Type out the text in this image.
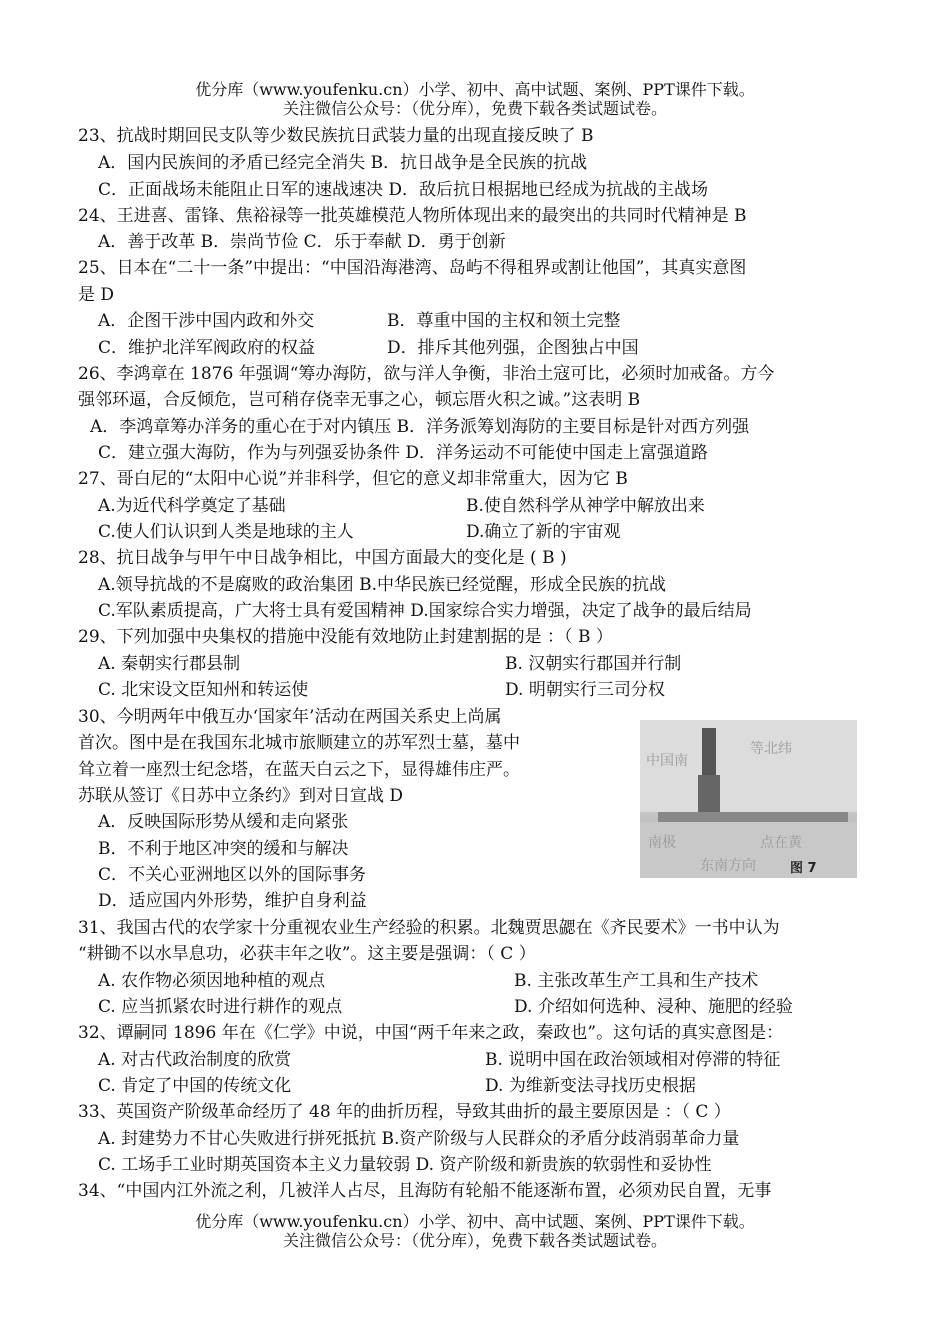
优分库（www.youfenku.cn）小学、初中、高中试题、案例、PPT课件下载。
关注微信公众号：（优分库），免费下载各类试题试卷。
23、抗战时期回民支队等少数民族抗日武装力量的出现直接反映了 B
A．国内民族间的矛盾已经完全消失 B．抗日战争是全民族的抗战
C．正面战场未能阻止日军的速战速决 D．敌后抗日根据地已经成为抗战的主战场
24、王进喜、雷锋、焦裕禄等一批英雄模范人物所体现出来的最突出的共同时代精神是 B
A．善于改革 B．崇尚节俭 C．乐于奉献 D．勇于创新
25、日本在“二十一条”中提出：“中国沿海港湾、岛屿不得租界或割让他国”，其真实意图
是 D
A．企图干涉中国内政和外交	B．尊重中国的主权和领土完整
C．维护北洋军阀政府的权益	D．排斥其他列强，企图独占中国
26、李鸿章在 1876 年强调“筹办海防，欲与洋人争衡，非治土寇可比，必须时加戒备。方今
强邻环逼，合反倾危，岂可稍存侥幸无事之心，顿忘厝火积之诚。”这表明 B
A．李鸿章筹办洋务的重心在于对内镇压 B．洋务派筹划海防的主要目标是针对西方列强
C．建立强大海防，作为与列强妥协条件 D．洋务运动不可能使中国走上富强道路
27、哥白尼的“太阳中心说”并非科学，但它的意义却非常重大，因为它 B
A.为近代科学奠定了基础	B.使自然科学从神学中解放出来
C.使人们认识到人类是地球的主人	D.确立了新的宇宙观
28、抗日战争与甲午中日战争相比，中国方面最大的变化是 ( B )
A.领导抗战的不是腐败的政治集团 B.中华民族已经觉醒，形成全民族的抗战
C.军队素质提高，广大将士具有爱国精神 D.国家综合实力增强，决定了战争的最后结局
29、下列加强中央集权的措施中没能有效地防止封建割据的是 ：（ B ）
A. 秦朝实行郡县制	B. 汉朝实行郡国并行制
C. 北宋设文臣知州和转运使	D. 明朝实行三司分权
30、今明两年中俄互办‘国家年’活动在两国关系史上尚属
首次。图中是在我国东北城市旅顺建立的苏军烈士墓，墓中
耸立着一座烈士纪念塔，在蓝天白云之下，显得雄伟庄严。
苏联从签订《日苏中立条约》到对日宣战 D
A．反映国际形势从缓和走向紧张
B．不利于地区冲突的缓和与解决
C．不关心亚洲地区以外的国际事务
D．适应国内外形势，维护自身利益
中国南
等北纬
南极	点在黄
东南方向	图 7
31、我国古代的农学家十分重视农业生产经验的积累。北魏贾思勰在《齐民要术》一书中认为
“耕锄不以水旱息功，必获丰年之收”。这主要是强调：（ C ）
A. 农作物必须因地种植的观点	B. 主张改革生产工具和生产技术
C. 应当抓紧农时进行耕作的观点	D. 介绍如何选种、浸种、施肥的经验
32、谭嗣同 1896 年在《仁学》中说，中国“两千年来之政，秦政也”。这句话的真实意图是：
A. 对古代政治制度的欣赏	B. 说明中国在政治领域相对停滞的特征
C. 肯定了中国的传统文化	D. 为维新变法寻找历史根据
33、英国资产阶级革命经历了 48 年的曲折历程，导致其曲折的最主要原因是 ：（ C ）
A. 封建势力不甘心失败进行拼死抵抗 B.资产阶级与人民群众的矛盾分歧消弱革命力量
C. 工场手工业时期英国资本主义力量较弱 D. 资产阶级和新贵族的软弱性和妥协性
34、“中国内江外流之利，几被洋人占尽，且海防有轮船不能逐渐布置，必须劝民自置，无事
优分库（www.youfenku.cn）小学、初中、高中试题、案例、PPT课件下载。
关注微信公众号：（优分库），免费下载各类试题试卷。
